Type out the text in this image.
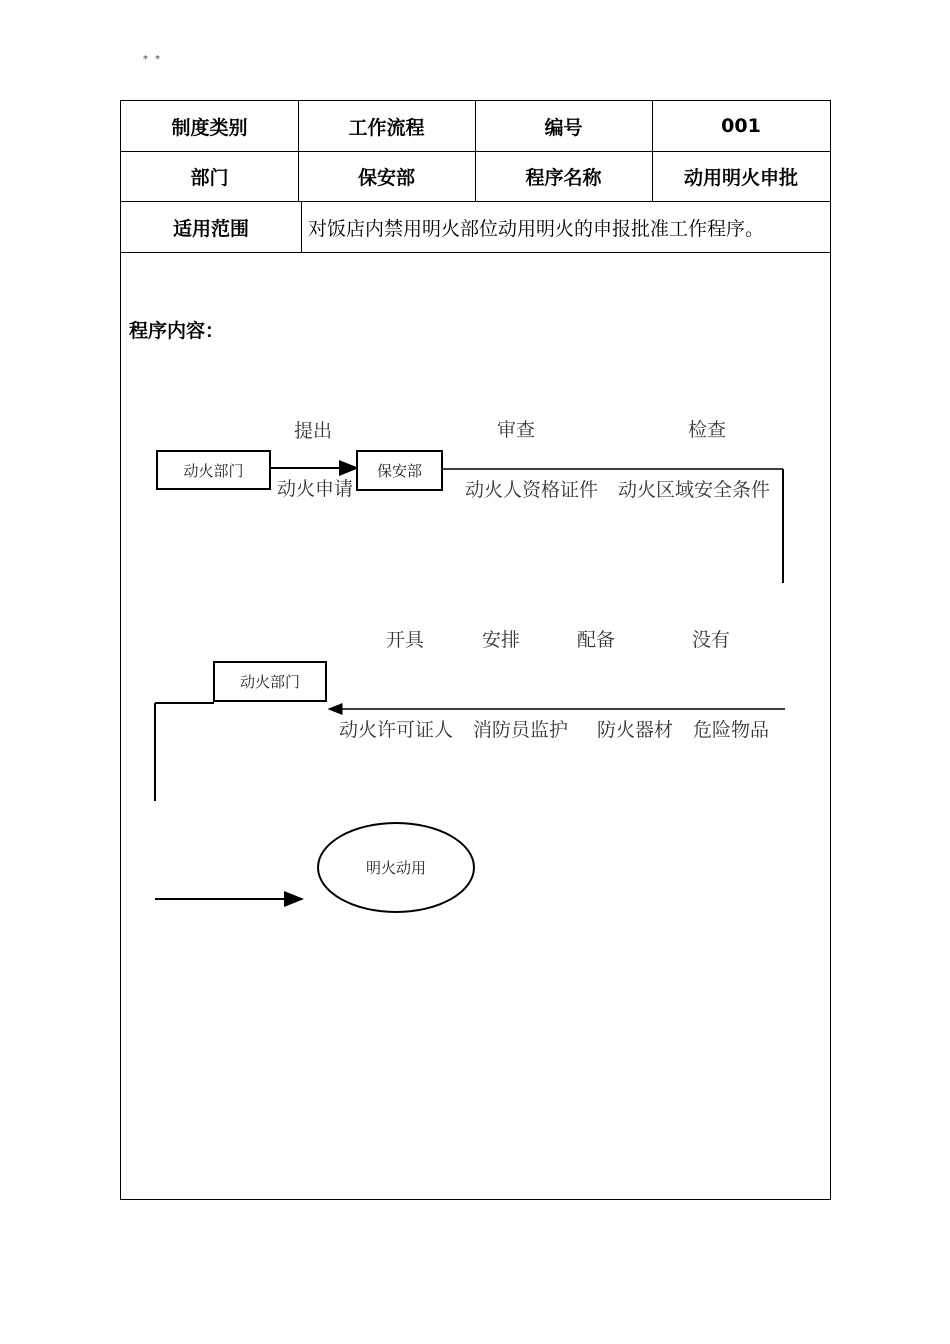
* *
制度类别	工作流程	编号	001
部门	保安部	程序名称	动用明火申批
适用范围	对饭店内禁用明火部位动用明火的申报批准工作程序。
程序内容：
动火部门
提出
动火申请
保安部
审查
动火人资格证件
检查
动火区域安全条件
开具	安排	配备	没有
动火部门
动火许可证人 消防员监护 防火器材 危险物品
明火动用
